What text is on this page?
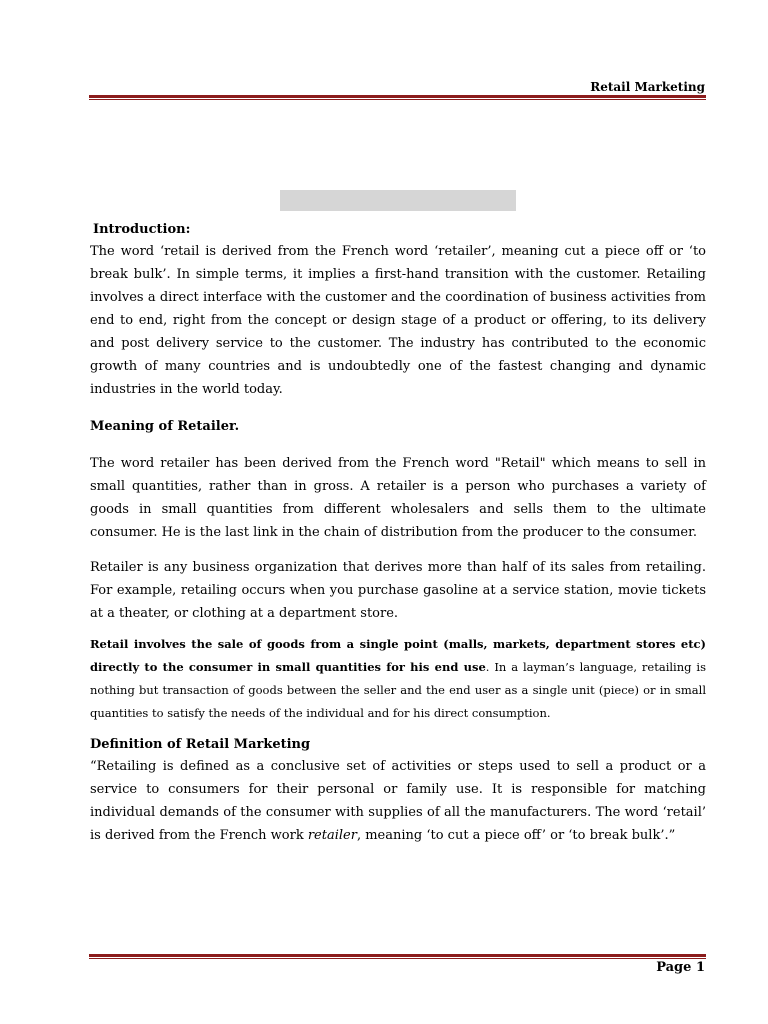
Retail Marketing

Introduction:

The word ‘retail is derived from the French word ‘retailer’, meaning cut a piece off or ‘to break bulk’. In simple terms, it implies a first-hand transition with the customer. Retailing involves a direct interface with the customer and the coordination of business activities from end to end, right from the concept or design stage of a product or offering, to its delivery and post delivery service to the customer. The industry has contributed to the economic growth of many countries and is undoubtedly one of the fastest changing and dynamic industries in the world today.

Meaning of Retailer.

The word retailer has been derived from the French word "Retail" which means to sell in small quantities, rather than in gross. A retailer is a person who purchases a variety of goods in small quantities from different wholesalers and sells them to the ultimate consumer. He is the last link in the chain of distribution from the producer to the consumer.

Retailer is any business organization that derives more than half of its sales from retailing. For example, retailing occurs when you purchase gasoline at a service station, movie tickets at a theater, or clothing at a department store.

Retail involves the sale of goods from a single point (malls, markets, department stores etc) directly to the consumer in small quantities for his end use. In a layman’s language, retailing is nothing but transaction of goods between the seller and the end user as a single unit (piece) or in small quantities to satisfy the needs of the individual and for his direct consumption.

Definition of Retail Marketing

“Retailing is defined as a conclusive set of activities or steps used to sell a product or a service to consumers for their personal or family use. It is responsible for matching individual demands of the consumer with supplies of all the manufacturers. The word ‘retail’ is derived from the French work retailer, meaning ‘to cut a piece off’ or ‘to break bulk’.”

Page 1
